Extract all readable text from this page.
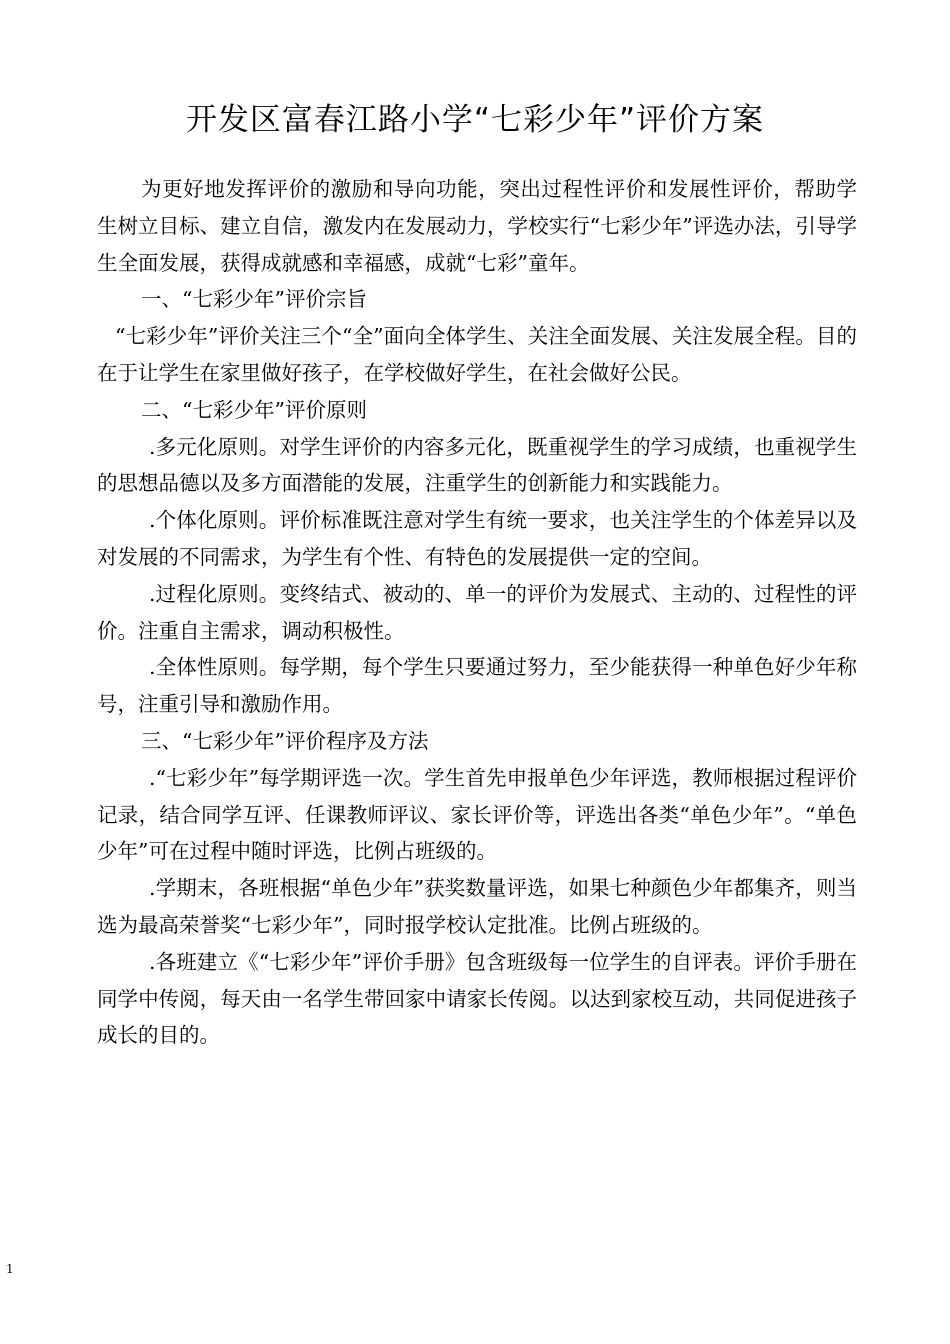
开发区富春江路小学“七彩少年”评价方案

为更好地发挥评价的激励和导向功能，突出过程性评价和发展性评价，帮助学生树立目标、建立自信，激发内在发展动力，学校实行“七彩少年”评选办法，引导学生全面发展，获得成就感和幸福感，成就“七彩”童年。

一、“七彩少年”评价宗旨

“七彩少年”评价关注三个“全”面向全体学生、关注全面发展、关注发展全程。目的在于让学生在家里做好孩子，在学校做好学生，在社会做好公民。

二、“七彩少年”评价原则

.多元化原则。对学生评价的内容多元化，既重视学生的学习成绩，也重视学生的思想品德以及多方面潜能的发展，注重学生的创新能力和实践能力。

.个体化原则。评价标准既注意对学生有统一要求，也关注学生的个体差异以及对发展的不同需求，为学生有个性、有特色的发展提供一定的空间。

.过程化原则。变终结式、被动的、单一的评价为发展式、主动的、过程性的评价。注重自主需求，调动积极性。

.全体性原则。每学期，每个学生只要通过努力，至少能获得一种单色好少年称号，注重引导和激励作用。

三、“七彩少年”评价程序及方法

.“七彩少年”每学期评选一次。学生首先申报单色少年评选，教师根据过程评价记录，结合同学互评、任课教师评议、家长评价等，评选出各类“单色少年”。“单色少年”可在过程中随时评选，比例占班级的。

.学期末，各班根据“单色少年”获奖数量评选，如果七种颜色少年都集齐，则当选为最高荣誉奖“七彩少年”，同时报学校认定批准。比例占班级的。

.各班建立《“七彩少年”评价手册》包含班级每一位学生的自评表。评价手册在同学中传阅，每天由一名学生带回家中请家长传阅。以达到家校互动，共同促进孩子成长的目的。

1
